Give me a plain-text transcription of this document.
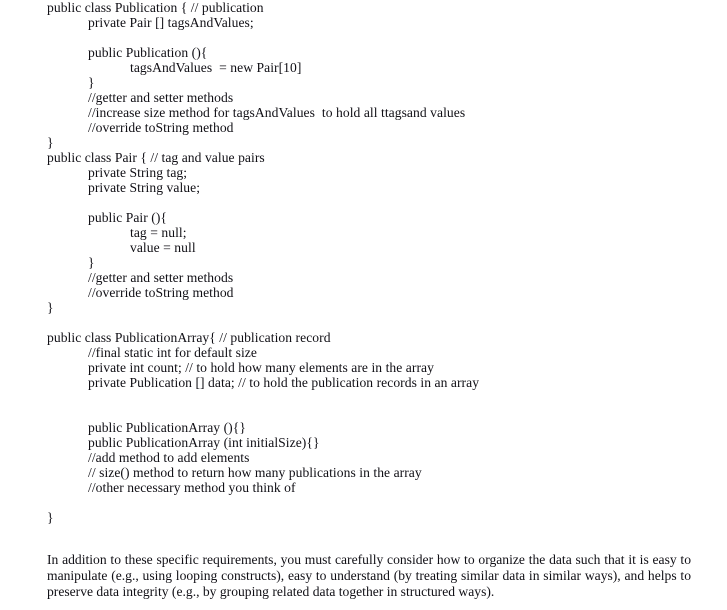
public class Publication { // publication
private Pair [] tagsAndValues;
public Publication (){
tagsAndValues  = new Pair[10]
}
//getter and setter methods
//increase size method for tagsAndValues  to hold all ttagsand values
//override toString method
}
public class Pair { // tag and value pairs
private String tag;
private String value;
public Pair (){
tag = null;
value = null
}
//getter and setter methods
//override toString method
}
public class PublicationArray{ // publication record
//final static int for default size
private int count; // to hold how many elements are in the array
private Publication [] data; // to hold the publication records in an array
public PublicationArray (){}
public PublicationArray (int initialSize){}
//add method to add elements
// size() method to return how many publications in the array
//other necessary method you think of
}

In addition to these specific requirements, you must carefully consider how to organize the data such that it is easy to manipulate (e.g., using looping constructs), easy to understand (by treating similar data in similar ways), and helps to preserve data integrity (e.g., by grouping related data together in structured ways).
